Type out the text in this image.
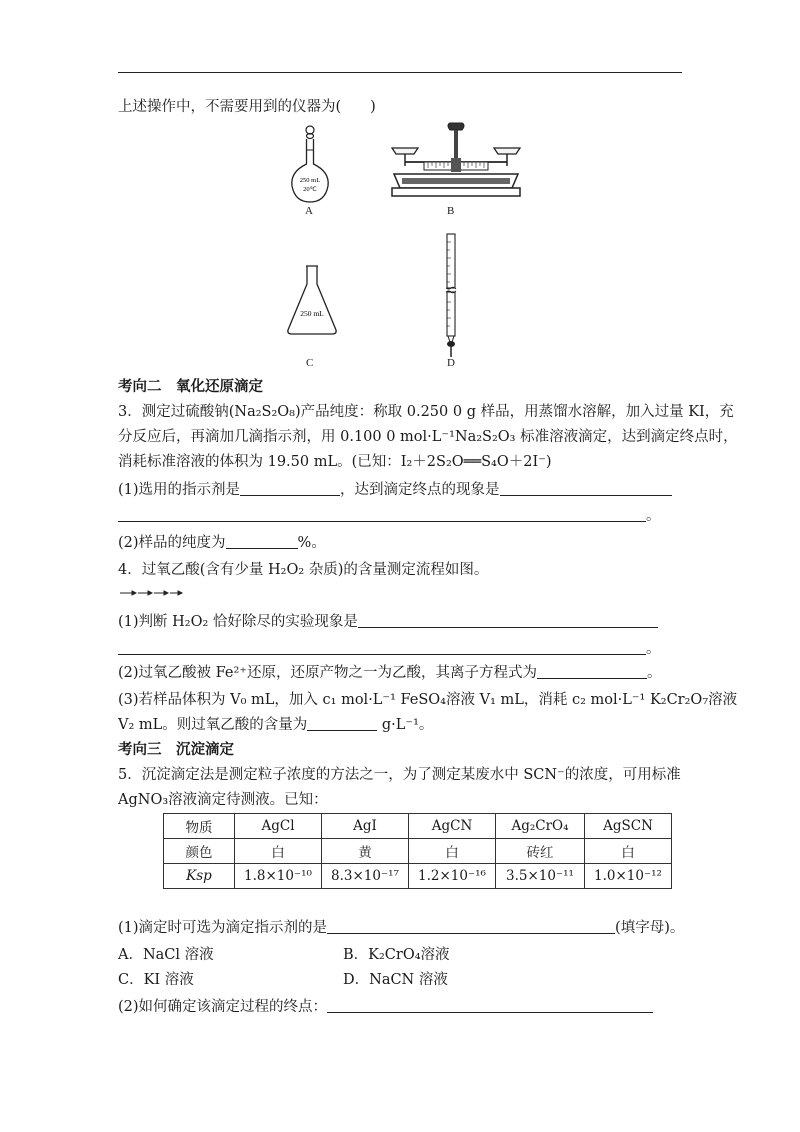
上述操作中，不需要用到的仪器为(　　)
250 mL
20℃
A	B
250 mL
C	D
考向二　氧化还原滴定
3．测定过硫酸钠(Na₂S₂O₈)产品纯度：称取 0.250 0 g 样品，用蒸馏水溶解，加入过量 KI，充
分反应后，再滴加几滴指示剂，用 0.100 0 mol·L⁻¹Na₂S₂O₃ 标准溶液滴定，达到滴定终点时，
消耗标准溶液的体积为 19.50 mL。(已知：I₂＋2S₂O══S₄O＋2I⁻)
(1)选用的指示剂是	，达到滴定终点的现象是
。
(2)样品的纯度为	%。
4．过氧乙酸(含有少量 H₂O₂ 杂质)的含量测定流程如图。
(1)判断 H₂O₂ 恰好除尽的实验现象是
。
(2)过氧乙酸被 Fe²⁺还原，还原产物之一为乙酸，其离子方程式为	。
(3)若样品体积为 V₀ mL，加入 c₁ mol·L⁻¹ FeSO₄溶液 V₁ mL，消耗 c₂ mol·L⁻¹ K₂Cr₂O₇溶液
V₂ mL。则过氧乙酸的含量为	g·L⁻¹。
考向三　沉淀滴定
5．沉淀滴定法是测定粒子浓度的方法之一，为了测定某废水中 SCN⁻的浓度，可用标准
AgNO₃溶液滴定待测液。已知：
物质	AgCl	AgI	AgCN	Ag₂CrO₄	AgSCN
颜色	白	黄	白	砖红	白
Ksp	1.8×10⁻¹⁰	8.3×10⁻¹⁷	1.2×10⁻¹⁶	3.5×10⁻¹¹	1.0×10⁻¹²
(1)滴定时可选为滴定指示剂的是	(填字母)。
A．NaCl 溶液	B．K₂CrO₄溶液
C．KI 溶液	D．NaCN 溶液
(2)如何确定该滴定过程的终点：
